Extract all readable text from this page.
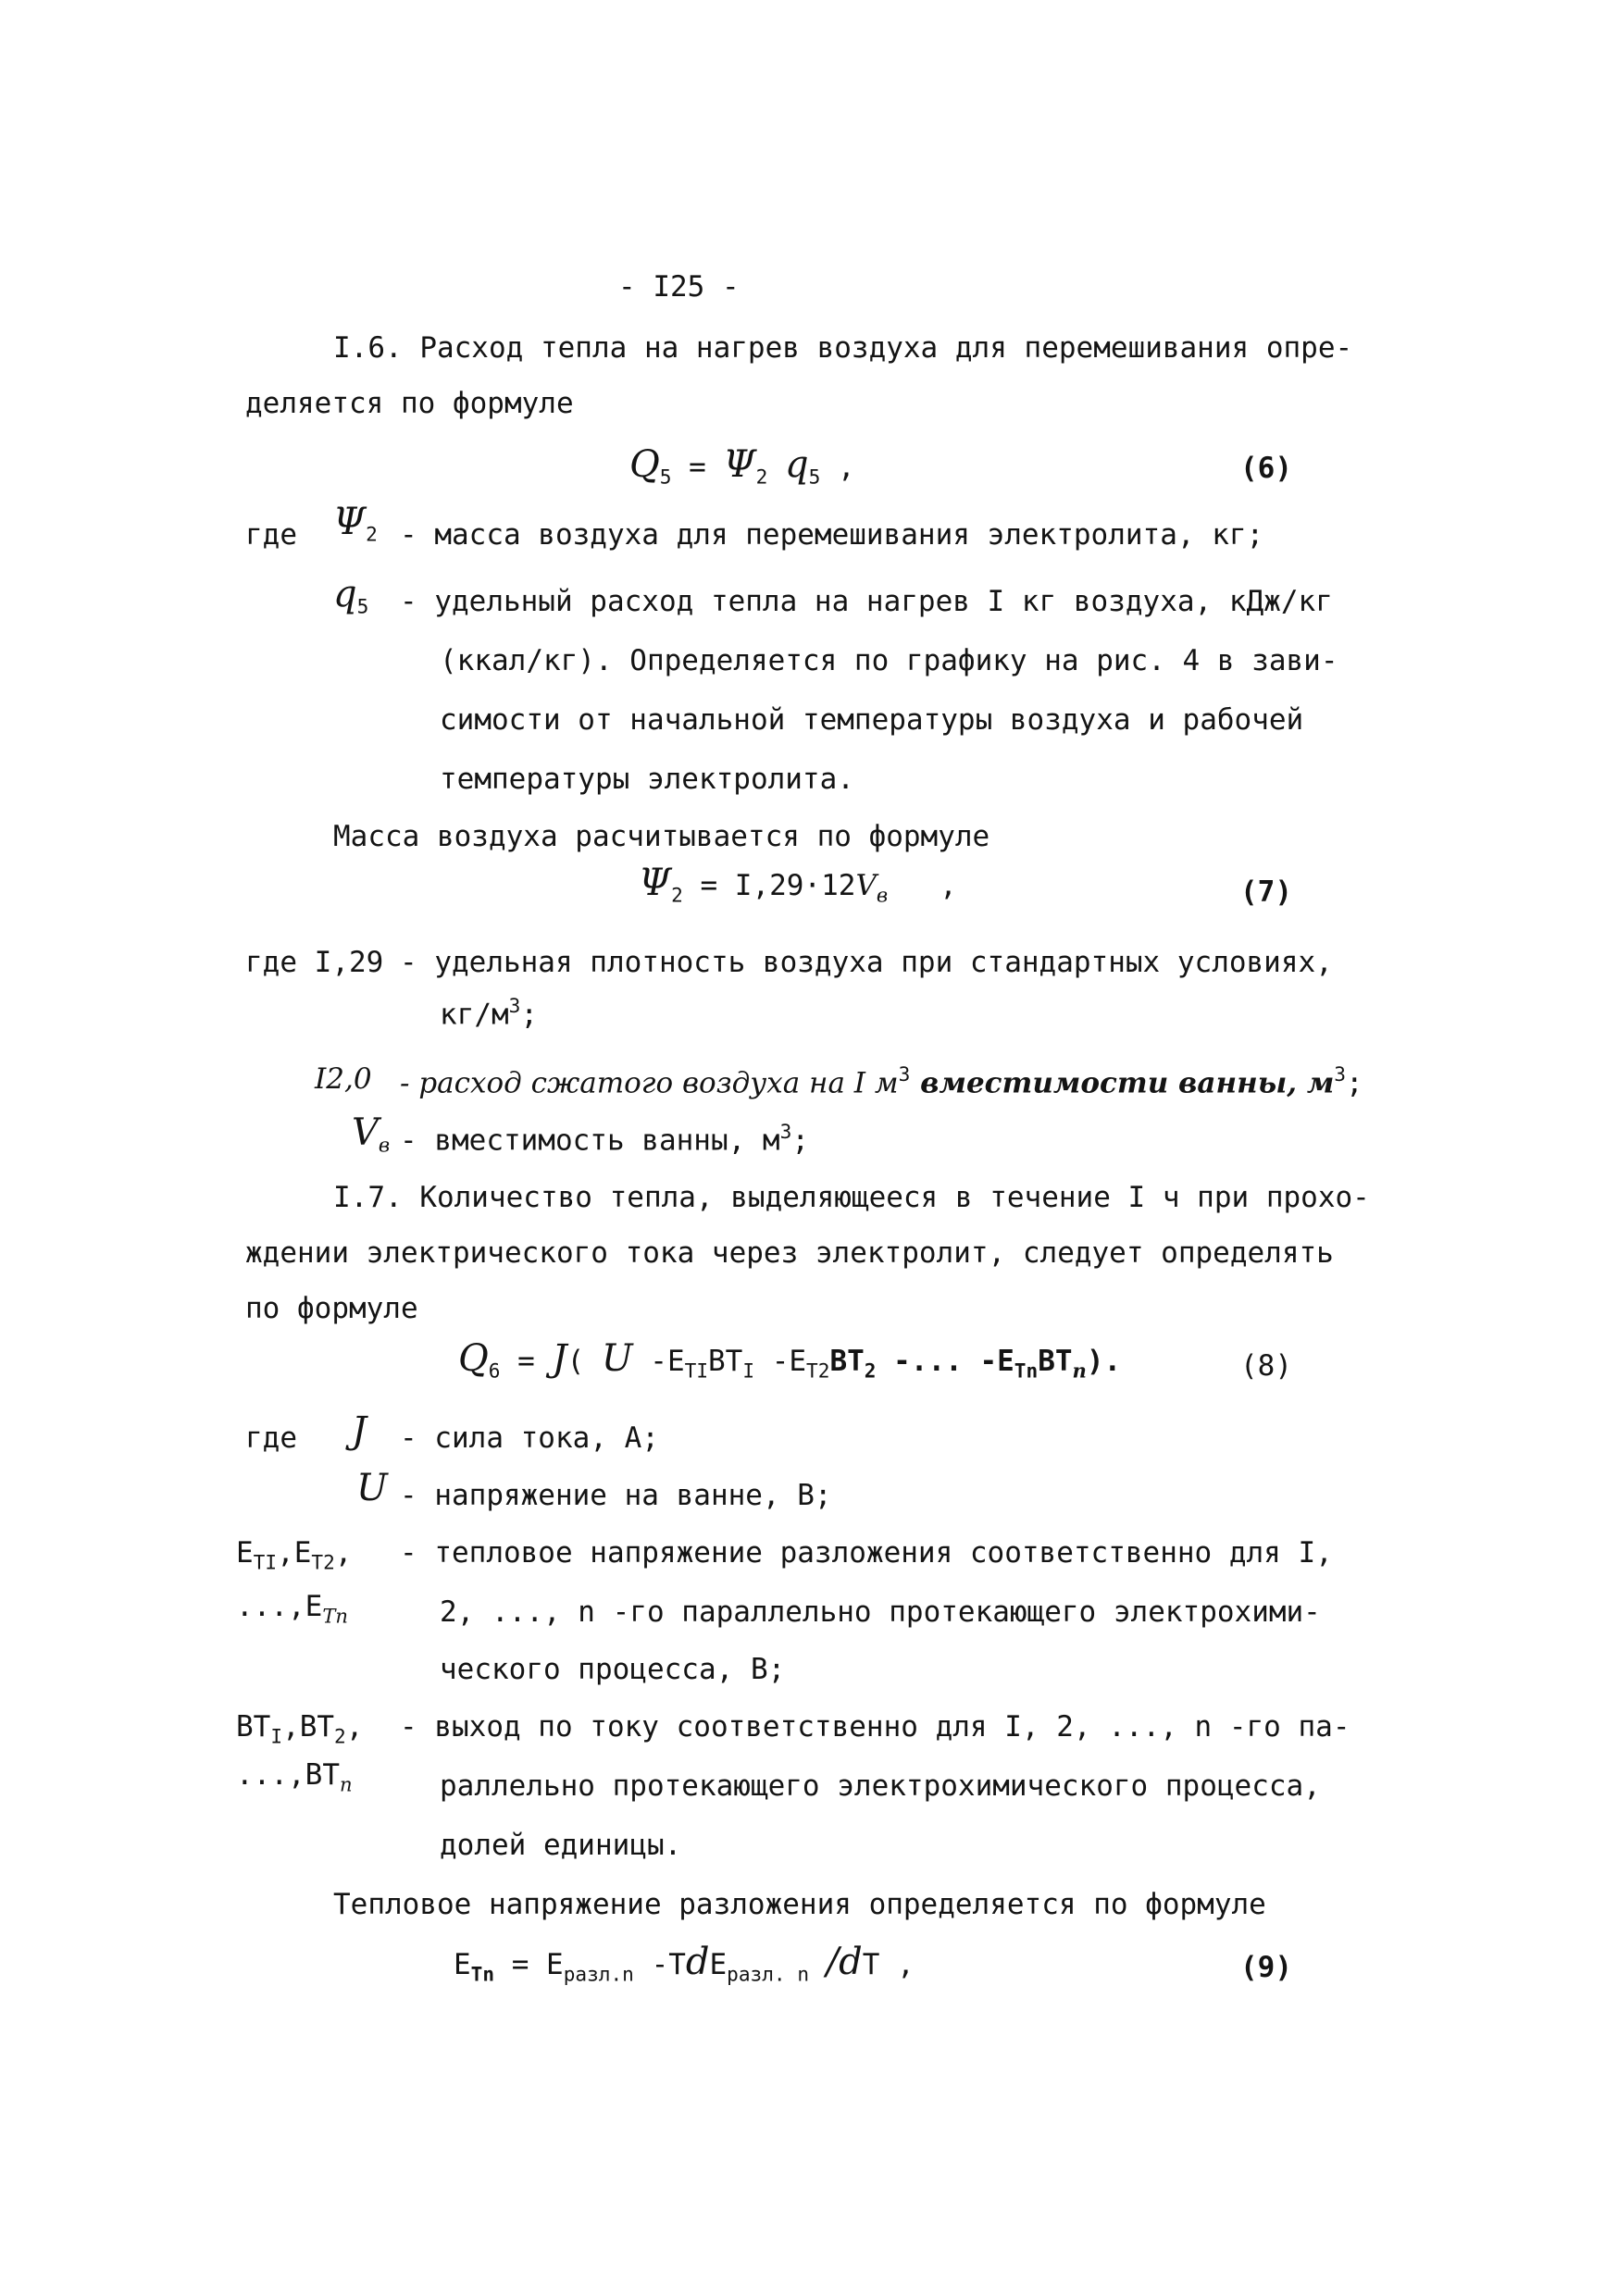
- I25 -
I.6. Расход тепла на нагрев воздуха для перемешивания опре-
деляется по формуле
$Q_5 = \Psi_2$ $q_5$ ,	(6)
где $\Psi_2$ - масса воздуха для перемешивания электролита, кг;
$q_5$ - удельный расход тепла на нагрев I кг воздуха, кДж/кг
(ккал/кг). Определяется по графику на рис. 4 в зави-
симости от начальной температуры воздуха и рабочей
температуры электролита.
Масса воздуха расчитывается по формуле
$\Psi_2 = I,29\cdot 12V_в$ ,	(7)
где I,29 - удельная плотность воздуха при стандартных условиях,
$кг/м^3$;
I2,0 - расход сжатого воздуха на I $м^3$ вместимости ванны, $м^3$;
$V_в$ - вместимость ванны, $м^3$;
I.7. Количество тепла, выделяющееся в течение I ч при прохо-
ждении электрического тока через электролит, следует определять
по формуле
$Q_6 = J$( U $-E_{TI}BT_I$ $-E_{T2}BT_2$ -... $-E_{Tn}BT_n$).	(8)
где J - сила тока, А;
U - напряжение на ванне, В;
$E_{TI},E_{T2}$,
$...,E_{Tn}$
- тепловое напряжение разложения соответственно для I,
2, ..., n -го параллельно протекающего электрохими-
ческого процесса, В;
$BT_I,BT_2$,
$...,BT_n$
- выход по току соответственно для I, 2, ..., n -го па-
раллельно протекающего электрохимического процесса,
долей единицы.
Тепловое напряжение разложения определяется по формуле
$E_{Tn} = E_{разл.n}$ -TdE$_{разл. n}$ /dT ,	(9)
